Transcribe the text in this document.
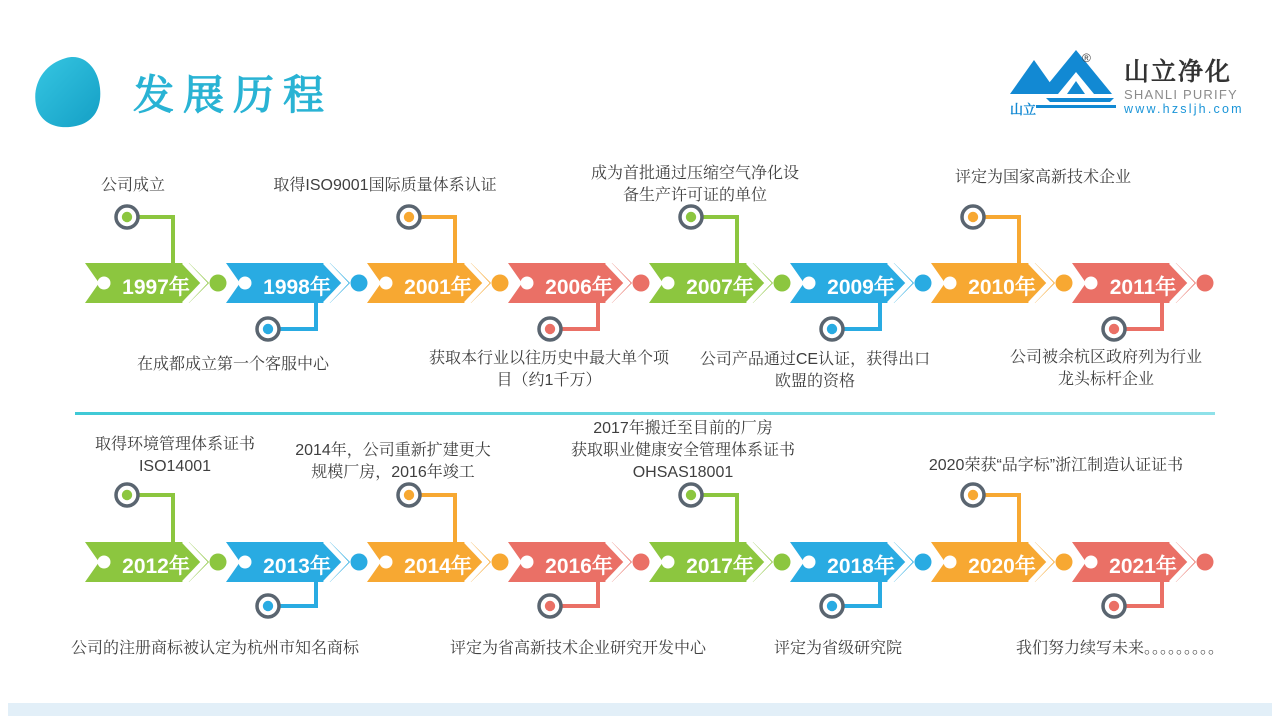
发展历程
®
山立
山立净化
SHANLI PURIFY
www.hzsljh.com
1997年
公司成立
1998年
在成都成立第一个客服中心
2001年
取得ISO9001国际质量体系认证
2006年
获取本行业以往历史中最大单个项
目（约1千万）
2007年
成为首批通过压缩空气净化设
备生产许可证的单位
2009年
公司产品通过CE认证，获得出口
欧盟的资格
2010年
评定为国家高新技术企业
2011年
公司被余杭区政府列为行业
龙头标杆企业
2012年
取得环境管理体系证书
ISO14001
2013年
公司的注册商标被认定为杭州市知名商标
2014年
2014年，公司重新扩建更大
规模厂房，2016年竣工
2016年
评定为省高新技术企业研究开发中心
2017年
2017年搬迁至目前的厂房
获取职业健康安全管理体系证书
OHSAS18001
2018年
评定为省级研究院
2020年
2020荣获“品字标”浙江制造认证证书
2021年
我们努力续写未来。。。。。。。。。
